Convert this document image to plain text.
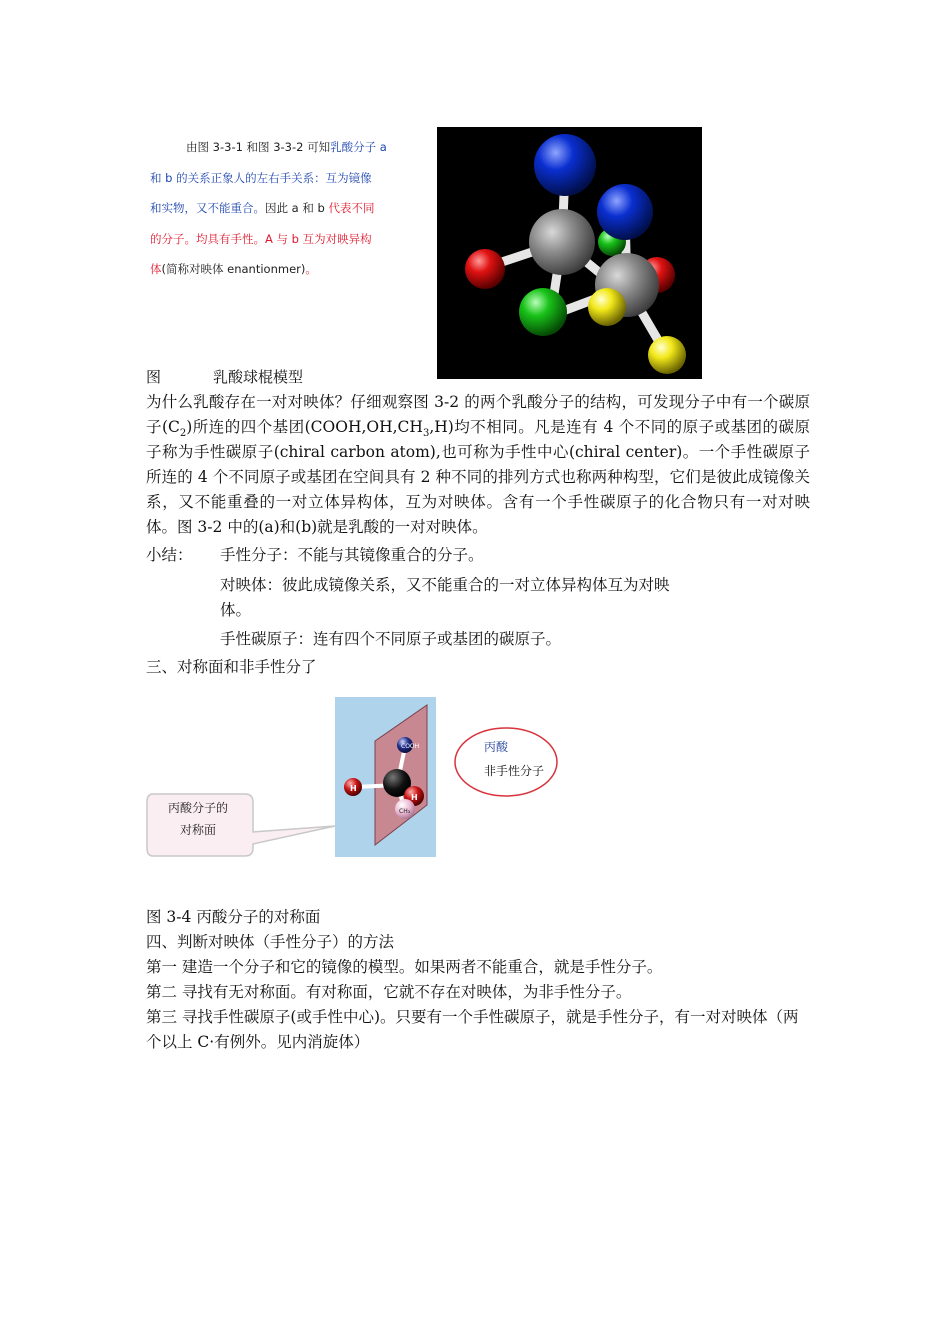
由图 3-3-1 和图 3-3-2 可知乳酸分子 a
和 b 的关系正象人的左右手关系：互为镜像
和实物，又不能重合。因此 a 和 b 代表不同
的分子。均具有手性。A 与 b 互为对映异构
体(简称对映体 enantionmer)。
图	乳酸球棍模型
为什么乳酸存在一对对映体？仔细观察图 3-2 的两个乳酸分子的结构，可发现分子中有一个碳原子$(C_2)$所连的四个基团$(COOH,OH,CH_3,H)$均不相同。凡是连有 4 个不同的原子或基团的碳原子称为手性碳原子(chiral carbon atom),也可称为手性中心(chiral center)。一个手性碳原子所连的 4 个不同原子或基团在空间具有 2 种不同的排列方式也称两种构型，它们是彼此成镜像关系，又不能重叠的一对立体异构体，互为对映体。含有一个手性碳原子的化合物只有一对对映体。图 3-2 中的(a)和(b)就是乳酸的一对对映体。
小结： 手性分子：不能与其镜像重合的分子。
对映体：彼此成镜像关系，又不能重合的一对立体异构体互为对映体。
手性碳原子：连有四个不同原子或基团的碳原子。
三、对称面和非手性分了
COOH
H
H
CH₃
丙酸分子的
对称面
丙酸
非手性分子
图 3-4 丙酸分子的对称面
四、判断对映体（手性分子）的方法
第一 建造一个分子和它的镜像的模型。如果两者不能重合，就是手性分子。
第二 寻找有无对称面。有对称面，它就不存在对映体，为非手性分子。
第三 寻找手性碳原子(或手性中心)。只要有一个手性碳原子，就是手性分子，有一对对映体（两个以上 C·有例外。见内消旋体）
